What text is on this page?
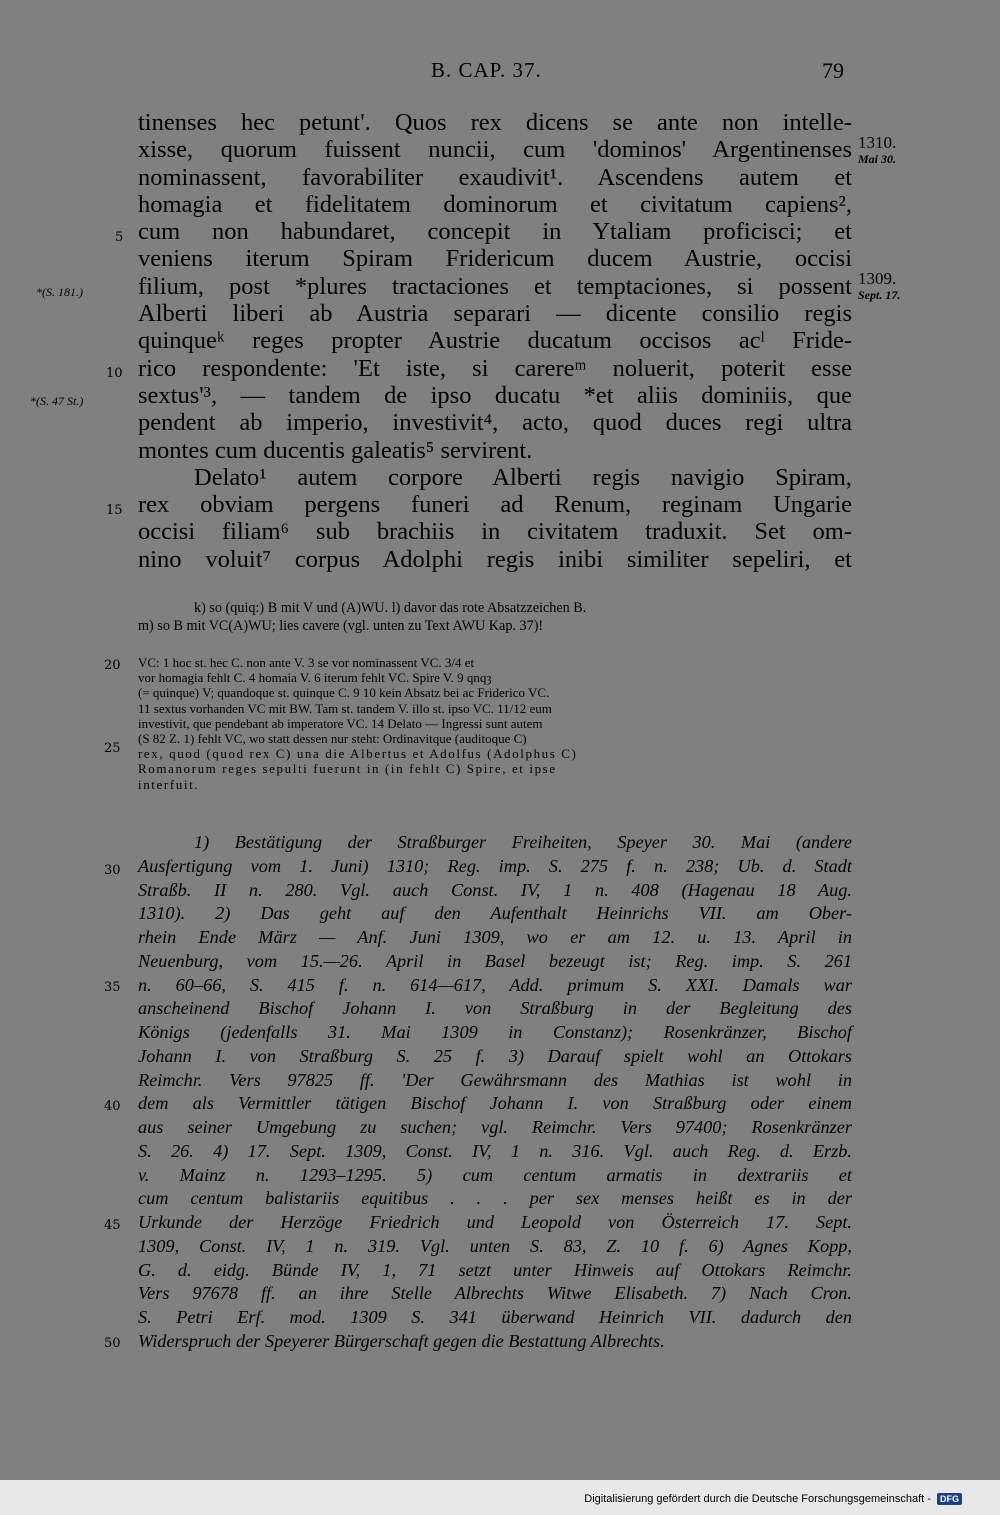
B. CAP. 37.	79
5
10
15
*(S. 181.)
*(S. 47 St.)
1310.
Mai 30.
1309.
Sept. 17.
tinenses hec petunt'. Quos rex dicens se ante non intelle-
xisse, quorum fuissent nuncii, cum 'dominos' Argentinenses
nominassent, favorabiliter exaudivit¹. Ascendens autem et
homagia et fidelitatem dominorum et civitatum capiens²,
cum non habundaret, concepit in Ytaliam proficisci; et
veniens iterum Spiram Fridericum ducem Austrie, occisi
filium, post *plures tractaciones et temptaciones, si possent
Alberti liberi ab Austria separari — dicente consilio regis
quinqueᵏ reges propter Austrie ducatum occisos acˡ Fride-
rico respondente: 'Et iste, si carereᵐ noluerit, poterit esse
sextus'³, — tandem de ipso ducatu *et aliis dominiis, que
pendent ab imperio, investivit⁴, acto, quod duces regi ultra
montes cum ducentis galeatis⁵ servirent.
Delato¹ autem corpore Alberti regis navigio Spiram,
rex obviam pergens funeri ad Renum, reginam Ungarie
occisi filiam⁶ sub brachiis in civitatem traduxit. Set om-
nino voluit⁷ corpus Adolphi regis inibi similiter sepeliri, et
k) so (quiq:) B mit V und (A)WU. l) davor das rote Absatzzeichen B.
m) so B mit VC(A)WU; lies cavere (vgl. unten zu Text AWU Kap. 37)!
20
25
30
35
40
45
50
VC: 1 hoc st. hec C. non ante V. 3 se vor nominassent VC. 3/4 et
vor homagia fehlt C. 4 homaia V. 6 iterum fehlt VC. Spire V. 9 qnqȝ
(= quinque) V; quandoque st. quinque C. 9 10 kein Absatz bei ac Friderico VC.
11 sextus vorhanden VC mit BW. Tam st. tandem V. illo st. ipso VC. 11/12 eum
investivit, que pendebant ab imperatore VC. 14 Delato — Ingressi sunt autem
(S 82 Z. 1) fehlt VC, wo statt dessen nur steht: Ordinavitque (auditoque C)
rex, quod (quod rex C) una die Albertus et Adolfus (Adolphus C)
Romanorum reges sepulti fuerunt in (in fehlt C) Spire, et ipse
interfuit.
1) Bestätigung der Straßburger Freiheiten, Speyer 30. Mai (andere
Ausfertigung vom 1. Juni) 1310; Reg. imp. S. 275 f. n. 238; Ub. d. Stadt
Straßb. II n. 280. Vgl. auch Const. IV, 1 n. 408 (Hagenau 18 Aug.
1310). 2) Das geht auf den Aufenthalt Heinrichs VII. am Ober-
rhein Ende März — Anf. Juni 1309, wo er am 12. u. 13. April in
Neuenburg, vom 15.—26. April in Basel bezeugt ist; Reg. imp. S. 261
n. 60–66, S. 415 f. n. 614—617, Add. primum S. XXI. Damals war
anscheinend Bischof Johann I. von Straßburg in der Begleitung des
Königs (jedenfalls 31. Mai 1309 in Constanz); Rosenkränzer, Bischof
Johann I. von Straßburg S. 25 f. 3) Darauf spielt wohl an Ottokars
Reimchr. Vers 97825 ff. 'Der Gewährsmann des Mathias ist wohl in
dem als Vermittler tätigen Bischof Johann I. von Straßburg oder einem
aus seiner Umgebung zu suchen; vgl. Reimchr. Vers 97400; Rosenkränzer
S. 26. 4) 17. Sept. 1309, Const. IV, 1 n. 316. Vgl. auch Reg. d. Erzb.
v. Mainz n. 1293–1295. 5) cum centum armatis in dextrariis et
cum centum balistariis equitibus . . . per sex menses heißt es in der
Urkunde der Herzöge Friedrich und Leopold von Österreich 17. Sept.
1309, Const. IV, 1 n. 319. Vgl. unten S. 83, Z. 10 f. 6) Agnes Kopp,
G. d. eidg. Bünde IV, 1, 71 setzt unter Hinweis auf Ottokars Reimchr.
Vers 97678 ff. an ihre Stelle Albrechts Witwe Elisabeth. 7) Nach Cron.
S. Petri Erf. mod. 1309 S. 341 überwand Heinrich VII. dadurch den
Widerspruch der Speyerer Bürgerschaft gegen die Bestattung Albrechts.
Digitalisierung gefördert durch die Deutsche Forschungsgemeinschaft - DFG
